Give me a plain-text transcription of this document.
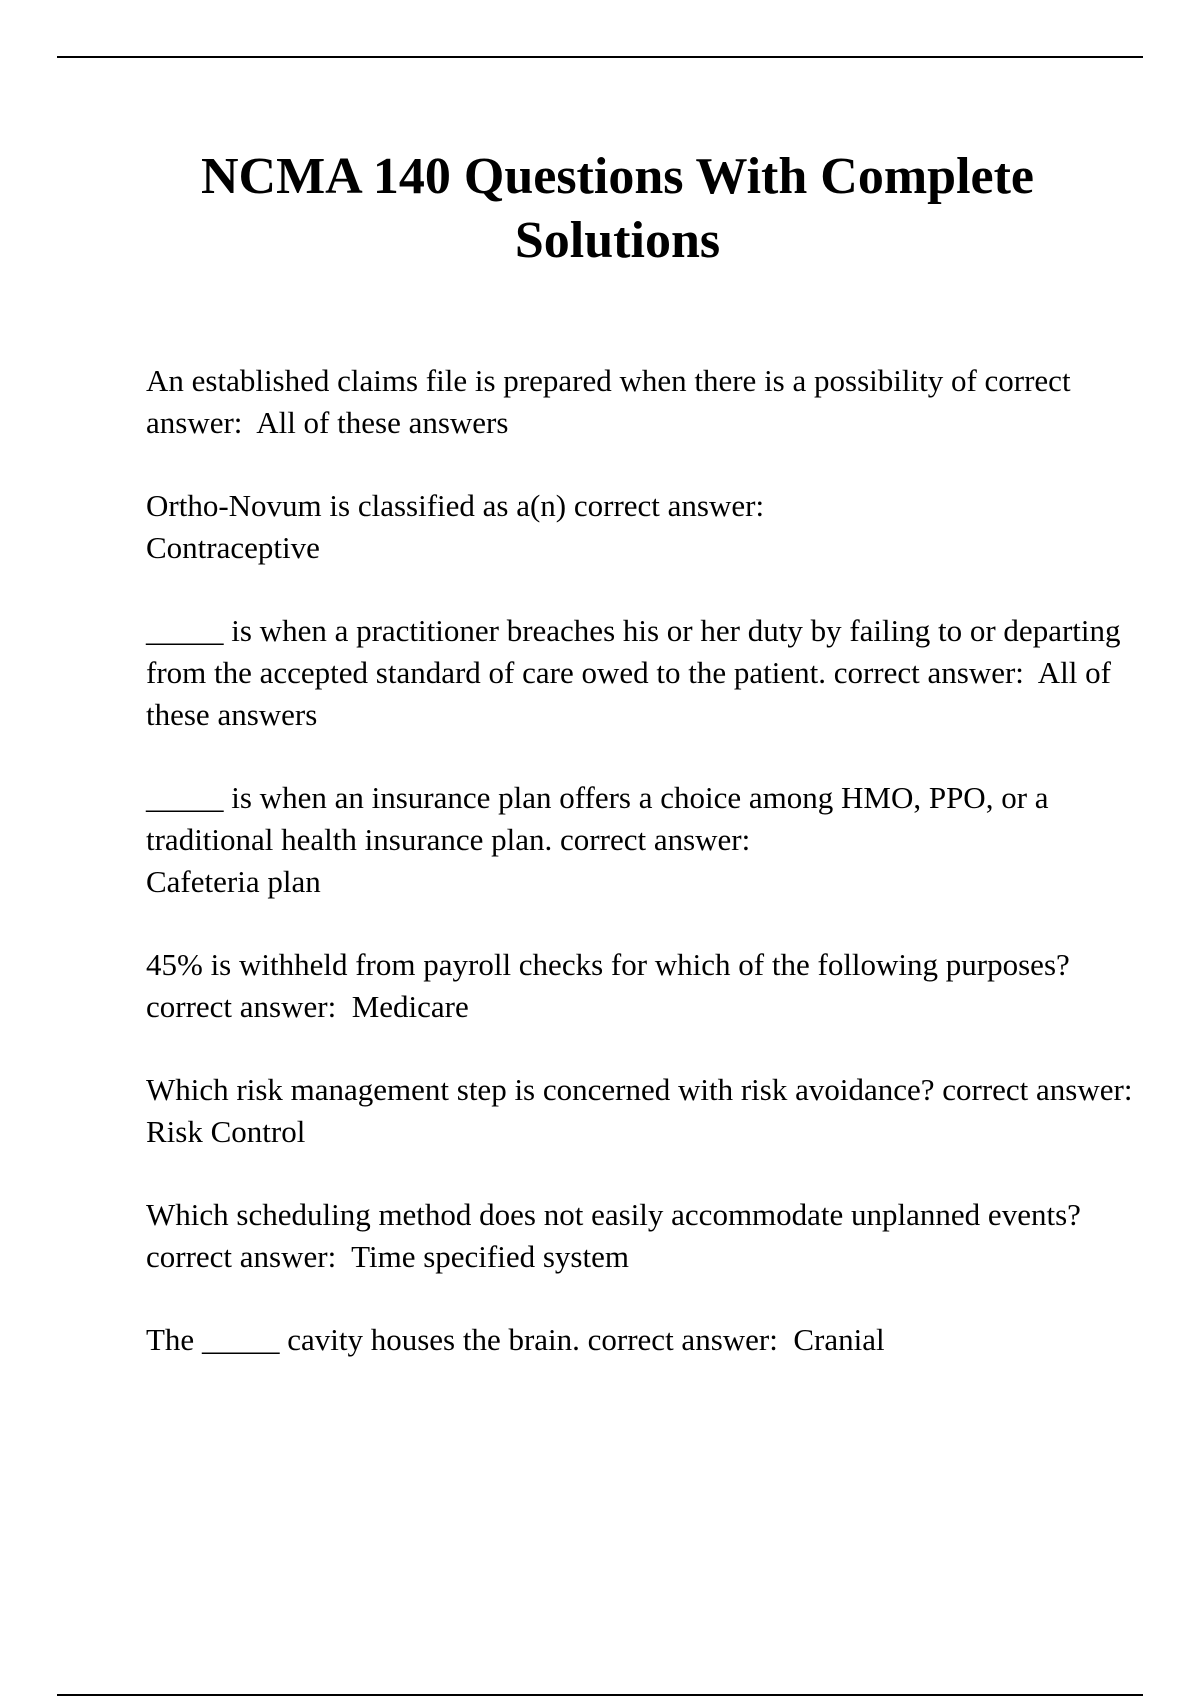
NCMA 140 Questions With Complete Solutions

An established claims file is prepared when there is a possibility of correct answer:  All of these answers

Ortho-Novum is classified as a(n) correct answer:
Contraceptive

_____ is when a practitioner breaches his or her duty by failing to or departing from the accepted standard of care owed to the patient. correct answer:  All of these answers

_____ is when an insurance plan offers a choice among HMO, PPO, or a traditional health insurance plan. correct answer:
Cafeteria plan

45% is withheld from payroll checks for which of the following purposes? correct answer:  Medicare

Which risk management step is concerned with risk avoidance? correct answer:  Risk Control

Which scheduling method does not easily accommodate unplanned events? correct answer:  Time specified system

The _____ cavity houses the brain. correct answer:  Cranial
